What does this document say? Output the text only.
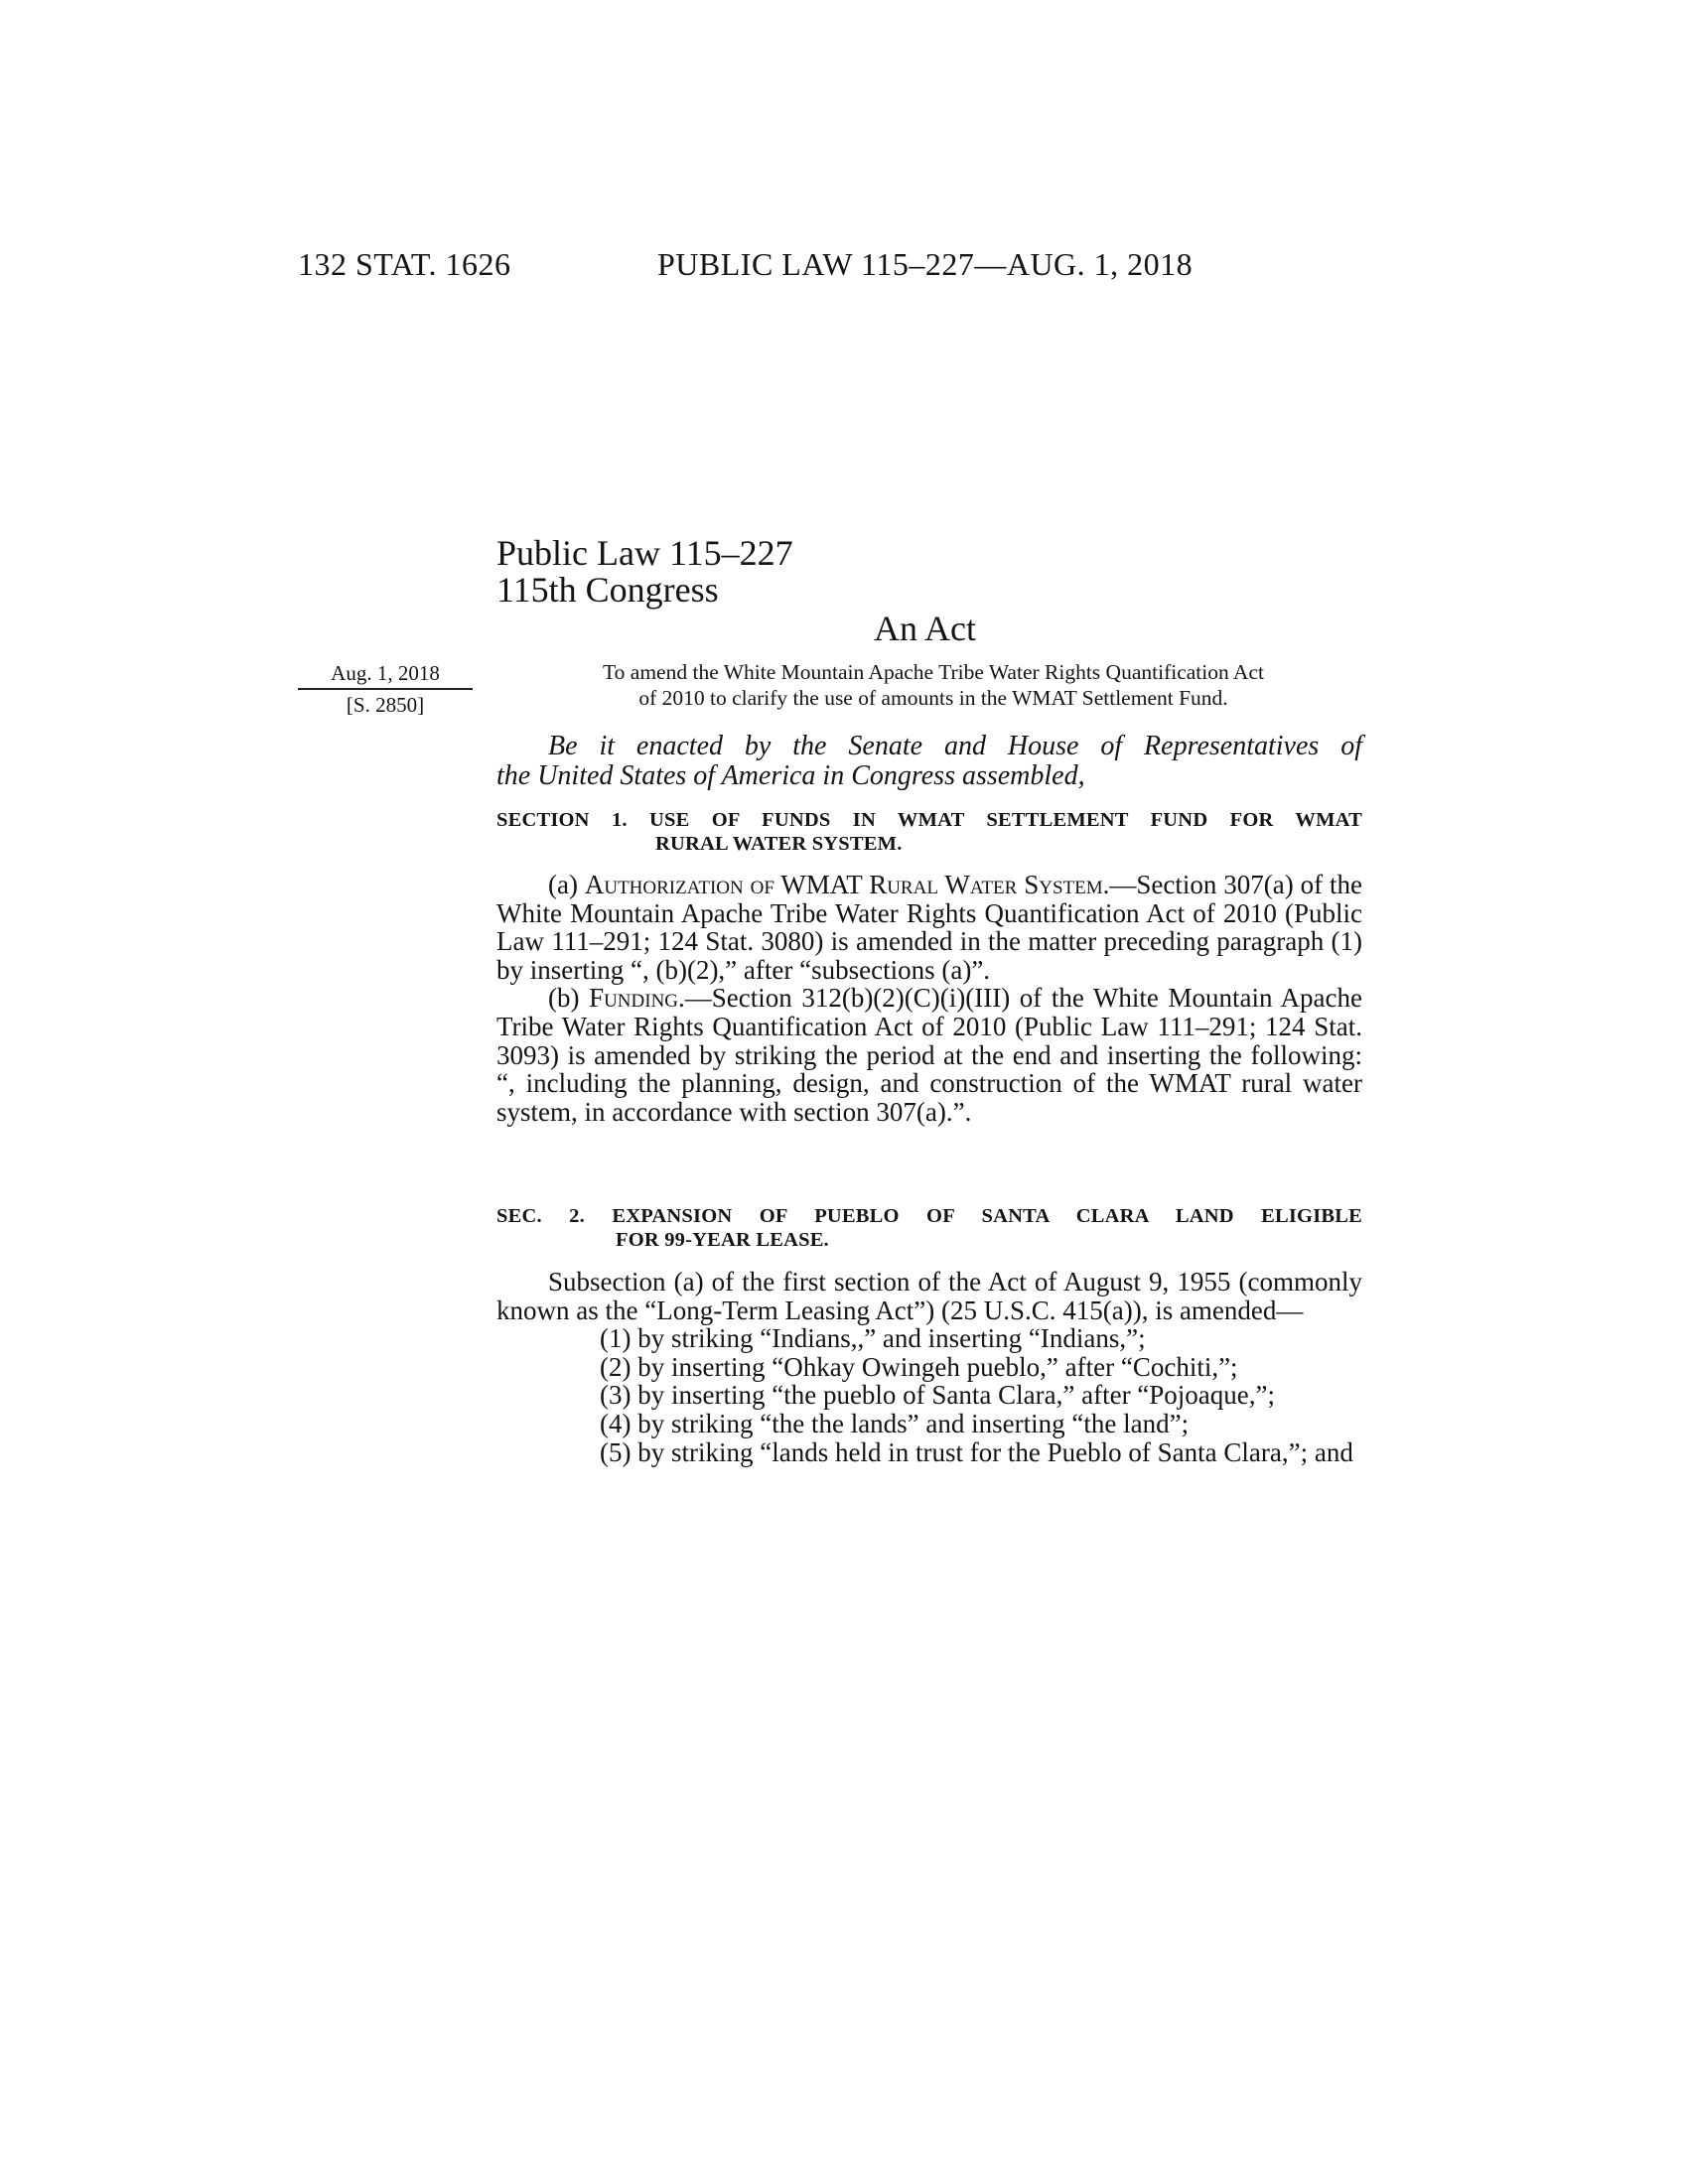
132 STAT. 1626	PUBLIC LAW 115–227—AUG. 1, 2018
Public Law 115–227
115th Congress
An Act
Aug. 1, 2018
[S. 2850]
To amend the White Mountain Apache Tribe Water Rights Quantification Act
of 2010 to clarify the use of amounts in the WMAT Settlement Fund.
Be it enacted by the Senate and House of Representatives of
the United States of America in Congress assembled,
SECTION 1. USE OF FUNDS IN WMAT SETTLEMENT FUND FOR WMAT
RURAL WATER SYSTEM.

(a) Authorization of WMAT Rural Water System.—Section 307(a) of the White Mountain Apache Tribe Water Rights Quantification Act of 2010 (Public Law 111–291; 124 Stat. 3080) is amended in the matter preceding paragraph (1) by inserting “, (b)(2),” after “subsections (a)”.

(b) Funding.—Section 312(b)(2)(C)(i)(III) of the White Mountain Apache Tribe Water Rights Quantification Act of 2010 (Public Law 111–291; 124 Stat. 3093) is amended by striking the period at the end and inserting the following: “, including the planning, design, and construction of the WMAT rural water system, in accordance with section 307(a).”.

SEC. 2. EXPANSION OF PUEBLO OF SANTA CLARA LAND ELIGIBLE
FOR 99-YEAR LEASE.

Subsection (a) of the first section of the Act of August 9, 1955 (commonly known as the “Long-Term Leasing Act”) (25 U.S.C. 415(a)), is amended—

(1) by striking “Indians,,” and inserting “Indians,”;

(2) by inserting “Ohkay Owingeh pueblo,” after “Cochiti,”;

(3) by inserting “the pueblo of Santa Clara,” after “Pojoaque,”;

(4) by striking “the the lands” and inserting “the land”;

(5) by striking “lands held in trust for the Pueblo of Santa Clara,”; and
